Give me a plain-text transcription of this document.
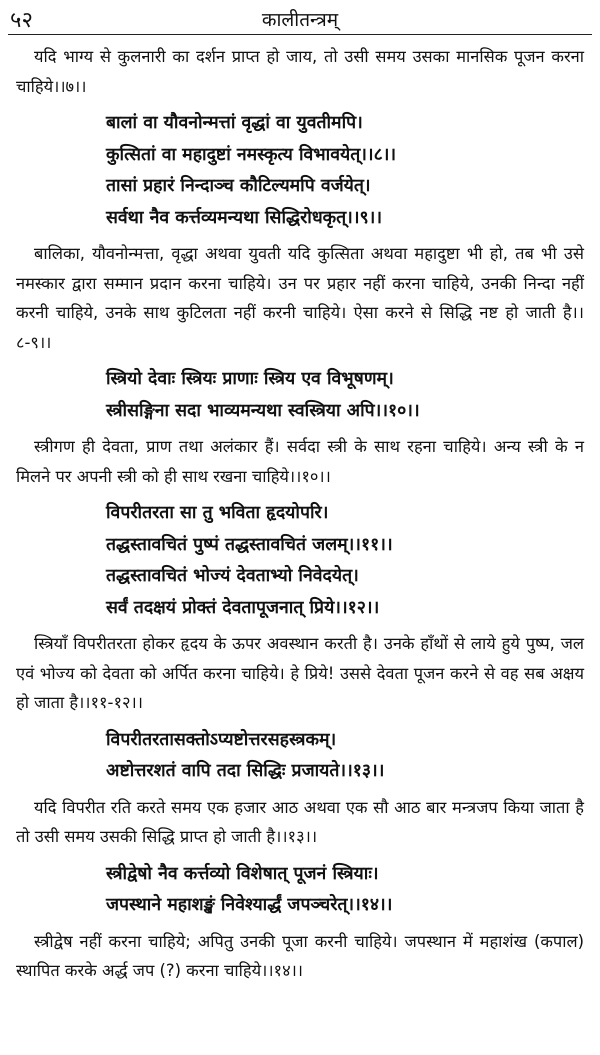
५२	कालीतन्त्रम्

यदि भाग्य से कुलनारी का दर्शन प्राप्त हो जाय, तो उसी समय उसका मानसिक पूजन करना चाहिये।।७।।

बालां वा यौवनोन्मत्तां वृद्धां वा युवतीमपि।
कुत्सितां वा महादुष्टां नमस्कृत्य विभावयेत्।।८।।
तासां प्रहारं निन्दाञ्च कौटिल्यमपि वर्जयेत्।
सर्वथा नैव कर्त्तव्यमन्यथा सिद्धिरोधकृत्।।९।।

बालिका, यौवनोन्मत्ता, वृद्धा अथवा युवती यदि कुत्सिता अथवा महादुष्टा भी हो, तब भी उसे नमस्कार द्वारा सम्मान प्रदान करना चाहिये। उन पर प्रहार नहीं करना चाहिये, उनकी निन्दा नहीं करनी चाहिये, उनके साथ कुटिलता नहीं करनी चाहिये। ऐसा करने से सिद्धि नष्ट हो जाती है।।८-९।।

स्त्रियो देवाः स्त्रियः प्राणाः स्त्रिय एव विभूषणम्।
स्त्रीसङ्गिना सदा भाव्यमन्यथा स्वस्त्रिया अपि।।१०।।

स्त्रीगण ही देवता, प्राण तथा अलंकार हैं। सर्वदा स्त्री के साथ रहना चाहिये। अन्य स्त्री के न मिलने पर अपनी स्त्री को ही साथ रखना चाहिये।।१०।।

विपरीतरता सा तु भविता हृदयोपरि।
तद्धस्तावचितं पुष्पं तद्धस्तावचितं जलम्।।११।।
तद्धस्तावचितं भोज्यं देवताभ्यो निवेदयेत्।
सर्वं तदक्षयं प्रोक्तं देवतापूजनात् प्रिये।।१२।।

स्त्रियाँ विपरीतरता होकर हृदय के ऊपर अवस्थान करती है। उनके हाँथों से लाये हुये पुष्प, जल एवं भोज्य को देवता को अर्पित करना चाहिये। हे प्रिये! उससे देवता पूजन करने से वह सब अक्षय हो जाता है।।११-१२।।

विपरीतरतासक्तोऽप्यष्टोत्तरसहस्त्रकम्।
अष्टोत्तरशतं वापि तदा सिद्धिः प्रजायते।।१३।।

यदि विपरीत रति करते समय एक हजार आठ अथवा एक सौ आठ बार मन्त्रजप किया जाता है तो उसी समय उसकी सिद्धि प्राप्त हो जाती है।।१३।।

स्त्रीद्वेषो नैव कर्त्तव्यो विशेषात् पूजनं स्त्रियाः।
जपस्थाने महाशङ्खं निवेश्यार्द्धं जपञ्चरेत्।।१४।।

स्त्रीद्वेष नहीं करना चाहिये; अपितु उनकी पूजा करनी चाहिये। जपस्थान में महाशंख (कपाल) स्थापित करके अर्द्ध जप (?) करना चाहिये।।१४।।
